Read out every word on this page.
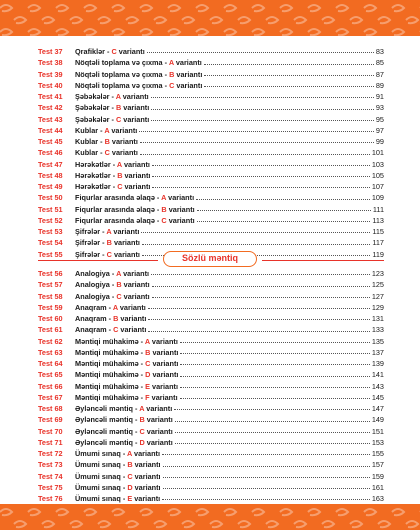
Test 37	Qrafiklər - C variantı	83
Test 38	Nöqtəli toplama və çıxma - A variantı	85
Test 39	Nöqtəli toplama və çıxma - B variantı	87
Test 40	Nöqtəli toplama və çıxma - C variantı	89
Test 41	Şəbəkələr - A variantı	91
Test 42	Şəbəkələr - B variantı	93
Test 43	Şəbəkələr - C variantı	95
Test 44	Kublar - A variantı	97
Test 45	Kublar - B variantı	99
Test 46	Kublar - C variantı	101
Test 47	Hərəkətlər - A variantı	103
Test 48	Hərəkətlər - B variantı	105
Test 49	Hərəkətlər - C variantı	107
Test 50	Fiqurlar arasında əlaqə - A variantı	109
Test 51	Fiqurlar arasında əlaqə - B variantı	111
Test 52	Fiqurlar arasında əlaqə - C variantı	113
Test 53	Şifrələr - A variantı	115
Test 54	Şifrələr - B variantı	117
Test 55	Şifrələr - C variantı	119
Sözlü məntiq
Test 56	Analogiya - A variantı	123
Test 57	Analogiya - B variantı	125
Test 58	Analogiya - C variantı	127
Test 59	Anaqram - A variantı	129
Test 60	Anaqram - B variantı	131
Test 61	Anaqram - C variantı	133
Test 62	Məntiqi mühakimə - A variantı	135
Test 63	Məntiqi mühakimə - B variantı	137
Test 64	Məntiqi mühakimə - C variantı	139
Test 65	Məntiqi mühakimə - D variantı	141
Test 66	Məntiqi mühakimə - E variantı	143
Test 67	Məntiqi mühakimə - F variantı	145
Test 68	Əyləncəli məntiq - A variantı	147
Test 69	Əyləncəli məntiq - B variantı	149
Test 70	Əyləncəli məntiq - C variantı	151
Test 71	Əyləncəli məntiq - D variantı	153
Test 72	Ümumi sınaq - A variantı	155
Test 73	Ümumi sınaq - B variantı	157
Test 74	Ümumi sınaq - C variantı	159
Test 75	Ümumi sınaq - D variantı	161
Test 76	Ümumi sınaq - E variantı	163
